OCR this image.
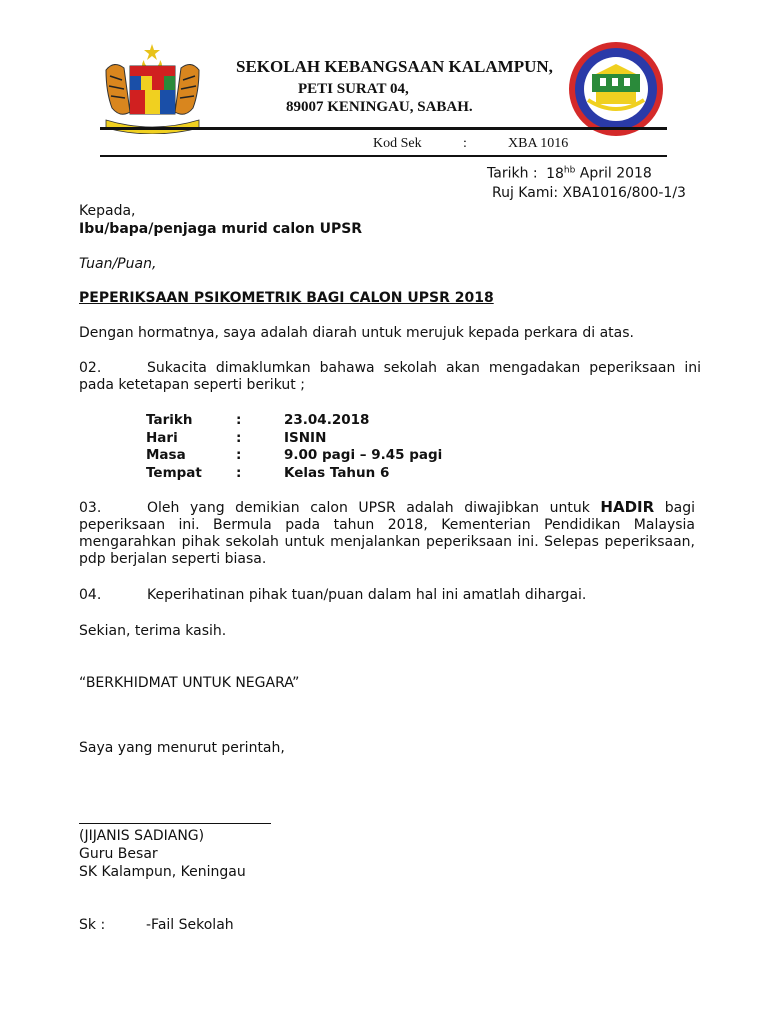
SEKOLAH KEBANGSAAN KALAMPUN,
PETI SURAT 04,
89007 KENINGAU, SABAH.
Kod Sek	:	XBA 1016
Tarikh : $18^{hb}$ April 2018
Ruj Kami: XBA1016/800-1/3
Kepada,
Ibu/bapa/penjaga murid calon UPSR
Tuan/Puan,
PEPERIKSAAN PSIKOMETRIK BAGI CALON UPSR 2018
Dengan hormatnya, saya adalah diarah untuk merujuk kepada perkara di atas.
02.	Sukacita dimaklumkan bahawa sekolah akan mengadakan peperiksaan ini pada ketetapan seperti berikut ;
Tarikh	:	23.04.2018
Hari	:	ISNIN
Masa	:	9.00 pagi – 9.45 pagi
Tempat	:	Kelas Tahun 6
03.	Oleh yang demikian calon UPSR adalah diwajibkan untuk HADIR bagi peperiksaan ini. Bermula pada tahun 2018, Kementerian Pendidikan Malaysia mengarahkan pihak sekolah untuk menjalankan peperiksaan ini. Selepas peperiksaan, pdp berjalan seperti biasa.
04.	Keperihatinan pihak tuan/puan dalam hal ini amatlah dihargai.
Sekian, terima kasih.
“BERKHIDMAT UNTUK NEGARA”
Saya yang menurut perintah,
(JIJANIS SADIANG)
Guru Besar
SK Kalampun, Keningau
Sk :	-Fail Sekolah
